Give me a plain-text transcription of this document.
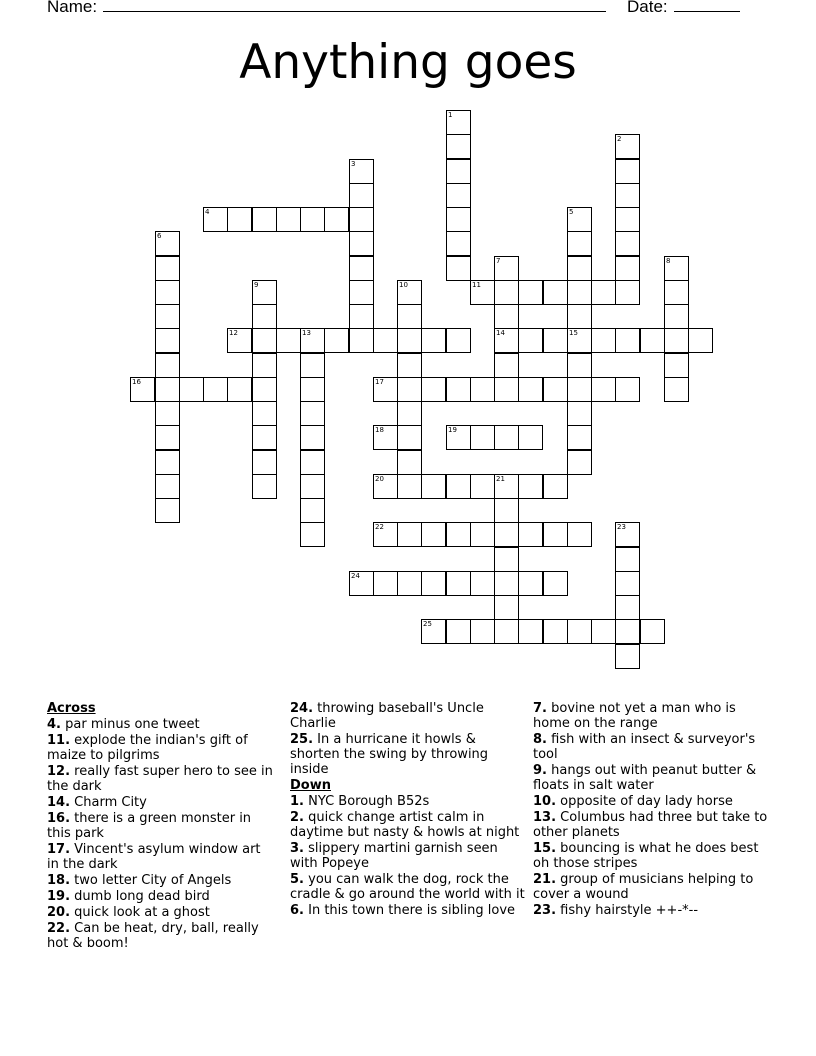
Name:	Date:
Anything goes
4
11
12	14
16	17
18	19
20
22
24
25
1
2
3
5
6
7	8
9	10
13	15
21
23
Across
4. par minus one tweet
11. explode the indian's gift of maize to pilgrims
12. really fast super hero to see in the dark
14. Charm City
16. there is a green monster in this park
17. Vincent's asylum window art in the dark
18. two letter City of Angels
19. dumb long dead bird
20. quick look at a ghost
22. Can be heat, dry, ball, really hot & boom!
24. throwing baseball's Uncle Charlie
25. In a hurricane it howls & shorten the swing by throwing inside
Down
1. NYC Borough B52s
2. quick change artist calm in daytime but nasty & howls at night
3. slippery martini garnish seen with Popeye
5. you can walk the dog, rock the cradle & go around the world with it
6. In this town there is sibling love
7. bovine not yet a man who is home on the range
8. fish with an insect & surveyor's tool
9. hangs out with peanut butter & floats in salt water
10. opposite of day lady horse
13. Columbus had three but take to other planets
15. bouncing is what he does best oh those stripes
21. group of musicians helping to cover a wound
23. fishy hairstyle ++-*--
